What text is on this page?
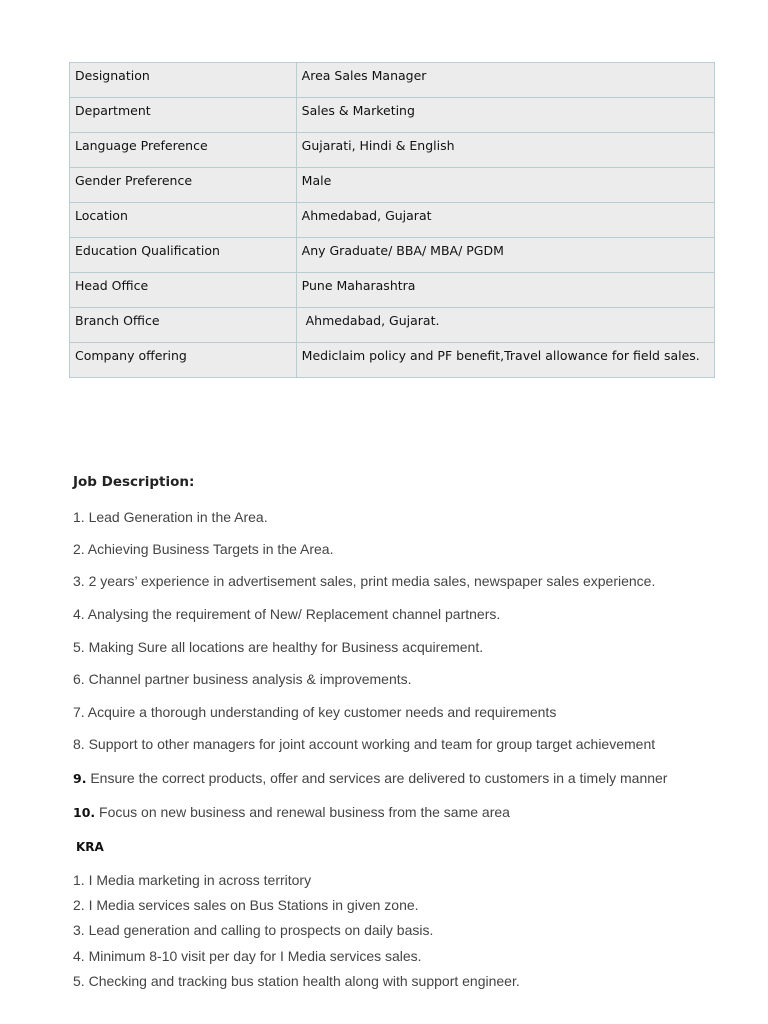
Designation	Area Sales Manager
Department	Sales & Marketing
Language Preference	Gujarati, Hindi & English
Gender Preference	Male
Location	Ahmedabad, Gujarat
Education Qualification	Any Graduate/ BBA/ MBA/ PGDM
Head Office	Pune Maharashtra
Branch Office	Ahmedabad, Gujarat.
Company offering	Mediclaim policy and PF benefit,Travel allowance for field sales.
Job Description:
1. Lead Generation in the Area.
2. Achieving Business Targets in the Area.
3. 2 years’ experience in advertisement sales, print media sales, newspaper sales experience.
4. Analysing the requirement of New/ Replacement channel partners.
5. Making Sure all locations are healthy for Business acquirement.
6. Channel partner business analysis & improvements.
7. Acquire a thorough understanding of key customer needs and requirements
8. Support to other managers for joint account working and team for group target achievement
9. Ensure the correct products, offer and services are delivered to customers in a timely manner
10. Focus on new business and renewal business from the same area
KRA
1. I Media marketing in across territory
2. I Media services sales on Bus Stations in given zone.
3. Lead generation and calling to prospects on daily basis.
4. Minimum 8-10 visit per day for I Media services sales.
5. Checking and tracking bus station health along with support engineer.
